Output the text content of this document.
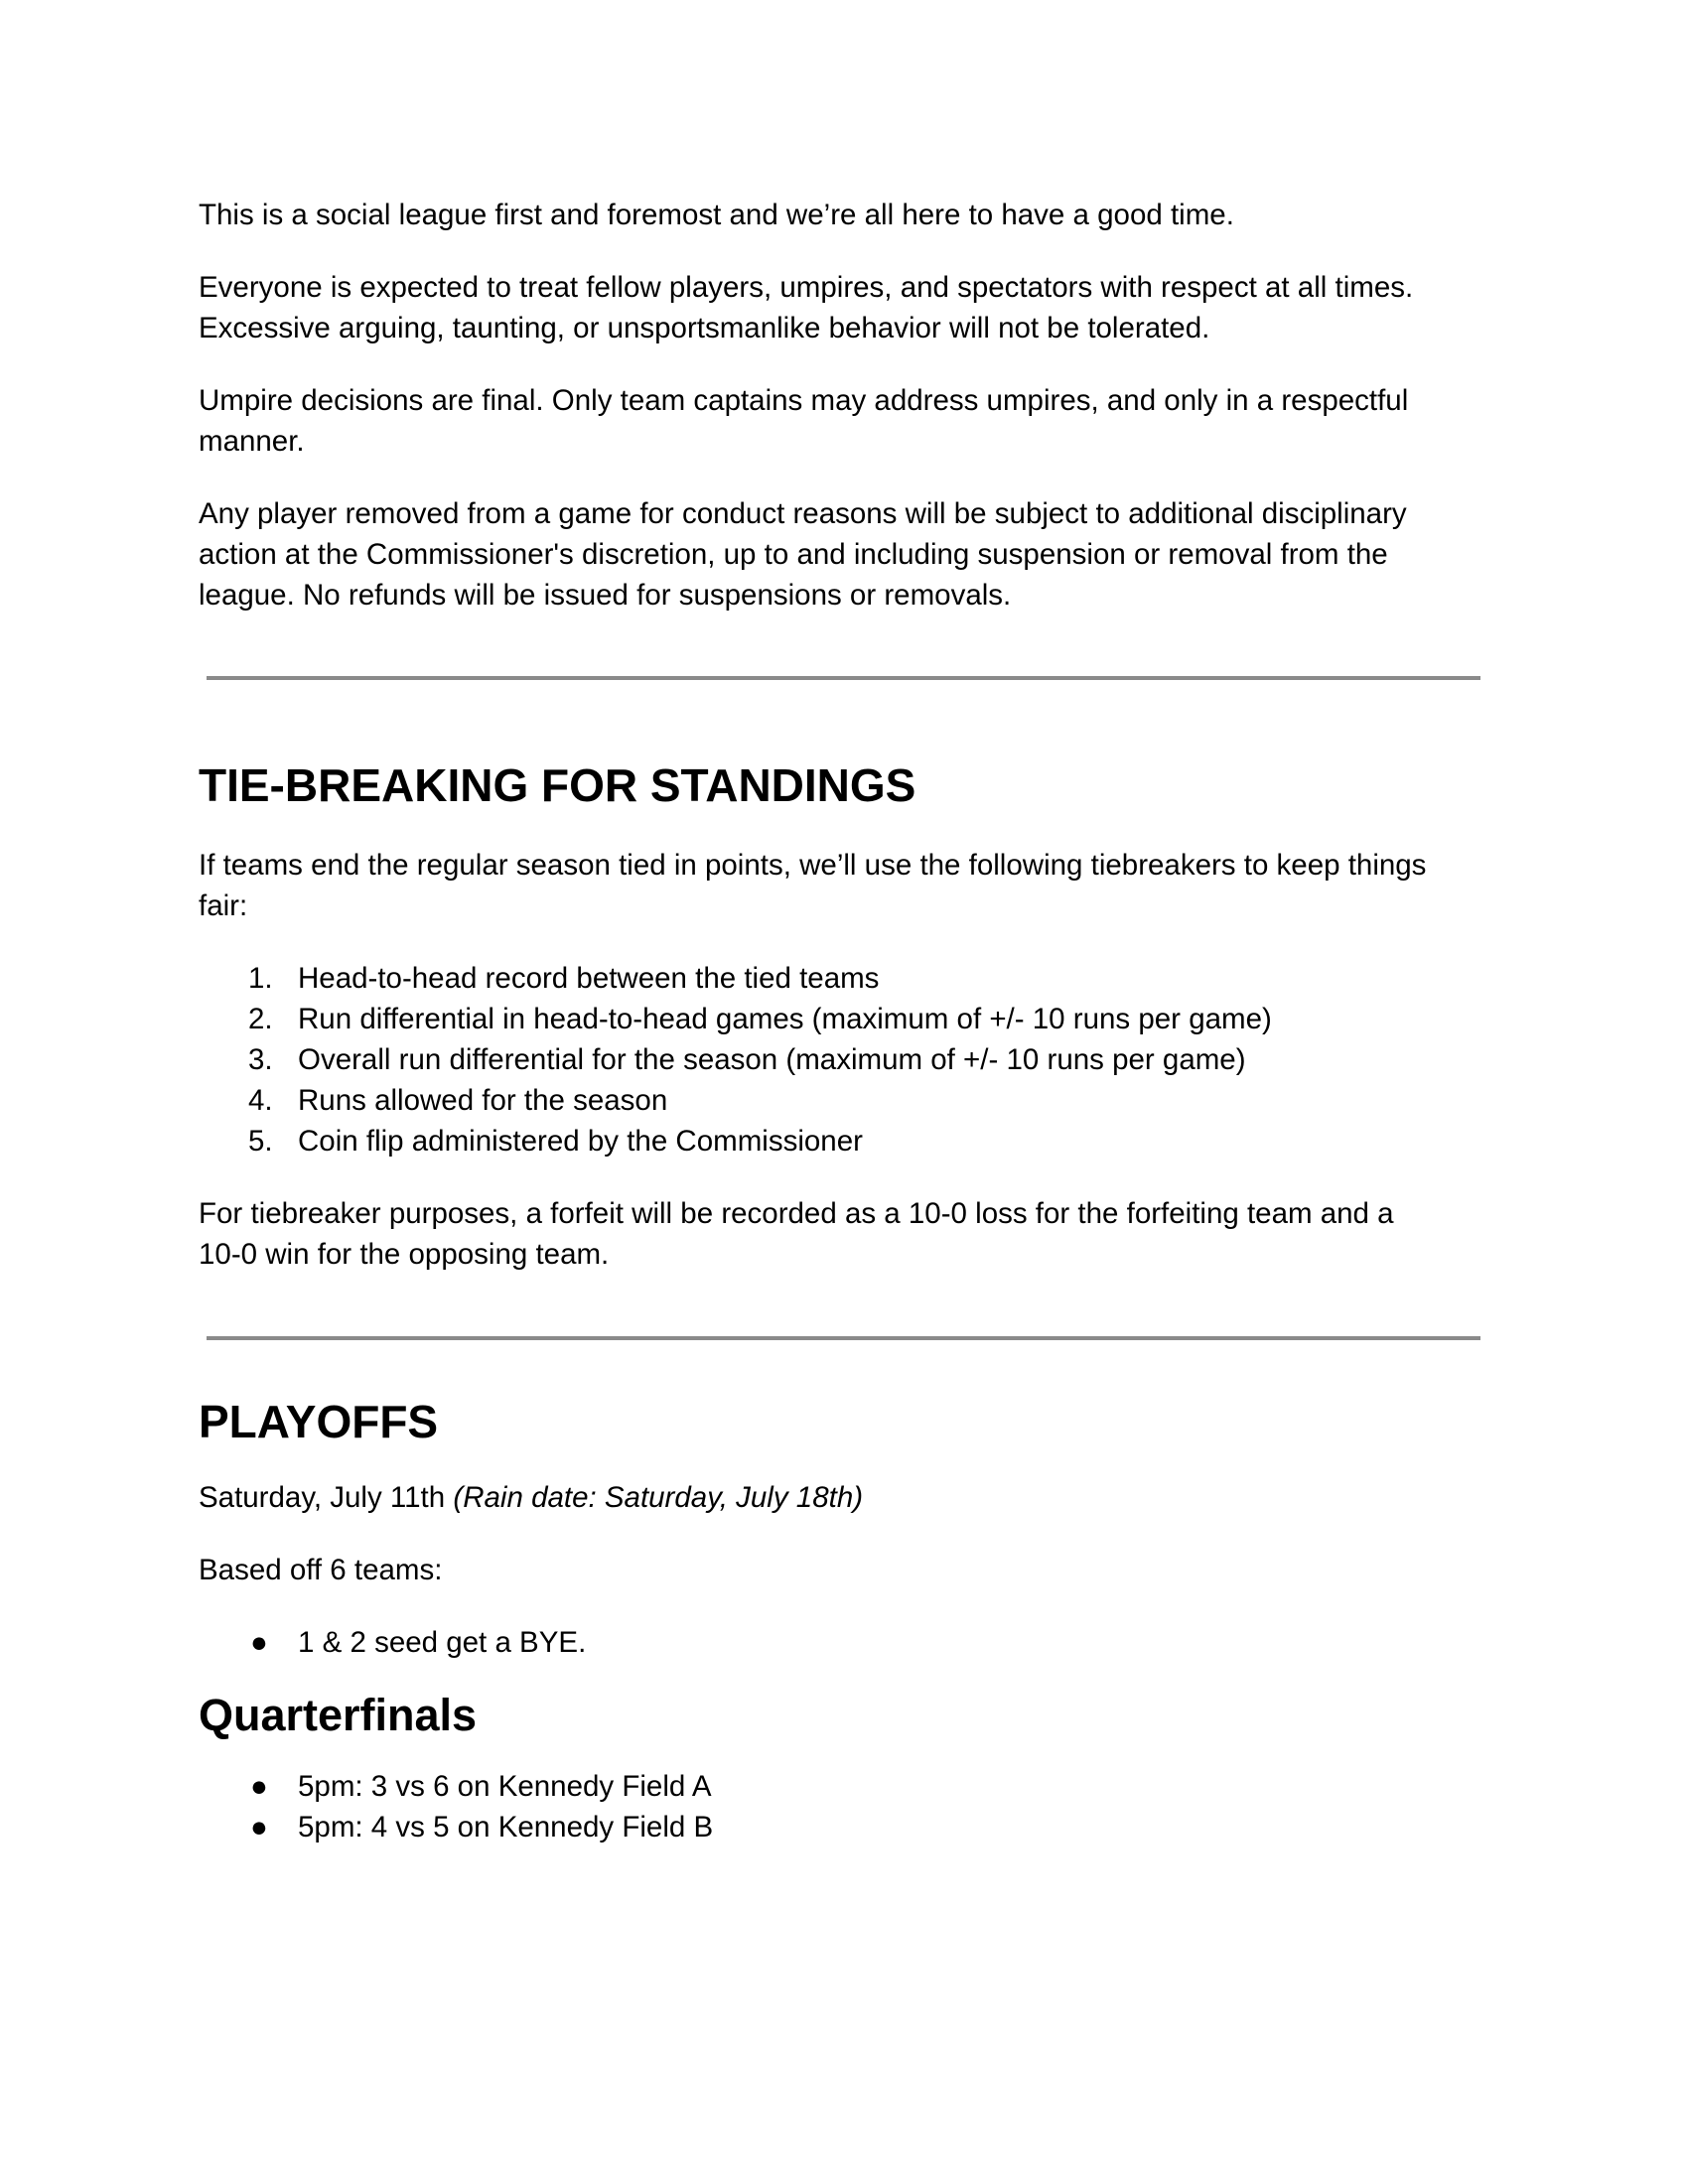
This is a social league first and foremost and we’re all here to have a good time.

Everyone is expected to treat fellow players, umpires, and spectators with respect at all times.

Excessive arguing, taunting, or unsportsmanlike behavior will not be tolerated.

Umpire decisions are final. Only team captains may address umpires, and only in a respectful

manner.

Any player removed from a game for conduct reasons will be subject to additional disciplinary

action at the Commissioner's discretion, up to and including suspension or removal from the

league. No refunds will be issued for suspensions or removals.

TIE-BREAKING FOR STANDINGS

If teams end the regular season tied in points, we’ll use the following tiebreakers to keep things

fair:

1. Head-to-head record between the tied teams
2. Run differential in head-to-head games (maximum of +/- 10 runs per game)
3. Overall run differential for the season (maximum of +/- 10 runs per game)
4. Runs allowed for the season
5. Coin flip administered by the Commissioner

For tiebreaker purposes, a forfeit will be recorded as a 10-0 loss for the forfeiting team and a

10-0 win for the opposing team.

PLAYOFFS

Saturday, July 11th (Rain date: Saturday, July 18th)

Based off 6 teams:

● 1 & 2 seed get a BYE.
Quarterfinals
● 5pm: 3 vs 6 on Kennedy Field A
● 5pm: 4 vs 5 on Kennedy Field B
